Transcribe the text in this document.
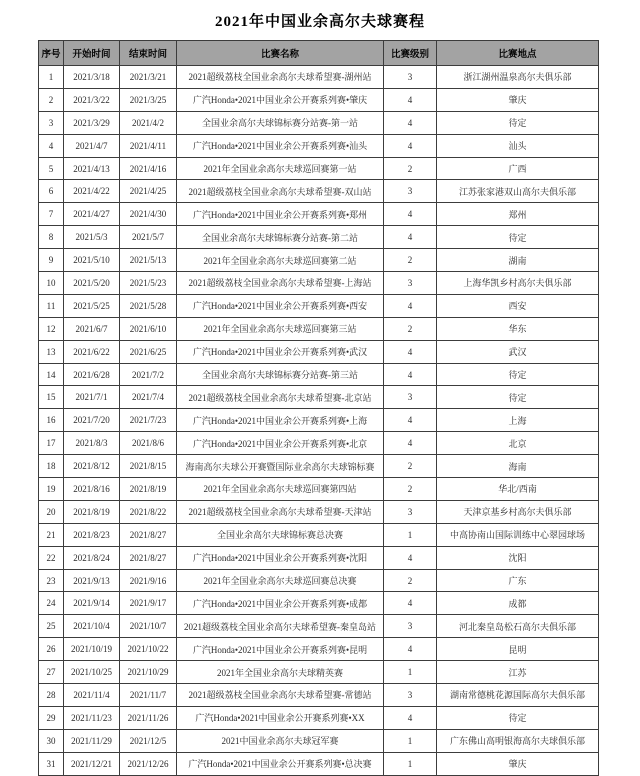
2021年中国业余高尔夫球赛程
序号	开始时间	结束时间	比赛名称	比赛级别	比赛地点
1	2021/3/18	2021/3/21	2021超级荔枝全国业余高尔夫球希望赛-湖州站	3	浙江湖州温泉高尔夫俱乐部
2	2021/3/22	2021/3/25	广汽Honda•2021中国业余公开赛系列赛•肇庆	4	肇庆
3	2021/3/29	2021/4/2	全国业余高尔夫球锦标赛分站赛-第一站	4	待定
4	2021/4/7	2021/4/11	广汽Honda•2021中国业余公开赛系列赛•汕头	4	汕头
5	2021/4/13	2021/4/16	2021年全国业余高尔夫球巡回赛第一站	2	广西
6	2021/4/22	2021/4/25	2021超级荔枝全国业余高尔夫球希望赛-双山站	3	江苏张家港双山高尔夫俱乐部
7	2021/4/27	2021/4/30	广汽Honda•2021中国业余公开赛系列赛•郑州	4	郑州
8	2021/5/3	2021/5/7	全国业余高尔夫球锦标赛分站赛-第二站	4	待定
9	2021/5/10	2021/5/13	2021年全国业余高尔夫球巡回赛第二站	2	湖南
10	2021/5/20	2021/5/23	2021超级荔枝全国业余高尔夫球希望赛-上海站	3	上海华凯乡村高尔夫俱乐部
11	2021/5/25	2021/5/28	广汽Honda•2021中国业余公开赛系列赛•西安	4	西安
12	2021/6/7	2021/6/10	2021年全国业余高尔夫球巡回赛第三站	2	华东
13	2021/6/22	2021/6/25	广汽Honda•2021中国业余公开赛系列赛•武汉	4	武汉
14	2021/6/28	2021/7/2	全国业余高尔夫球锦标赛分站赛-第三站	4	待定
15	2021/7/1	2021/7/4	2021超级荔枝全国业余高尔夫球希望赛-北京站	3	待定
16	2021/7/20	2021/7/23	广汽Honda•2021中国业余公开赛系列赛•上海	4	上海
17	2021/8/3	2021/8/6	广汽Honda•2021中国业余公开赛系列赛•北京	4	北京
18	2021/8/12	2021/8/15	海南高尔夫球公开赛暨国际业余高尔夫球锦标赛	2	海南
19	2021/8/16	2021/8/19	2021年全国业余高尔夫球巡回赛第四站	2	华北/西南
20	2021/8/19	2021/8/22	2021超级荔枝全国业余高尔夫球希望赛-天津站	3	天津京基乡村高尔夫俱乐部
21	2021/8/23	2021/8/27	全国业余高尔夫球锦标赛总决赛	1	中高协南山国际训练中心翠园球场
22	2021/8/24	2021/8/27	广汽Honda•2021中国业余公开赛系列赛•沈阳	4	沈阳
23	2021/9/13	2021/9/16	2021年全国业余高尔夫球巡回赛总决赛	2	广东
24	2021/9/14	2021/9/17	广汽Honda•2021中国业余公开赛系列赛•成都	4	成都
25	2021/10/4	2021/10/7	2021超级荔枝全国业余高尔夫球希望赛-秦皇岛站	3	河北秦皇岛松石高尔夫俱乐部
26	2021/10/19	2021/10/22	广汽Honda•2021中国业余公开赛系列赛•昆明	4	昆明
27	2021/10/25	2021/10/29	2021年全国业余高尔夫球精英赛	1	江苏
28	2021/11/4	2021/11/7	2021超级荔枝全国业余高尔夫球希望赛-常德站	3	湖南常德桃花源国际高尔夫俱乐部
29	2021/11/23	2021/11/26	广汽Honda•2021中国业余公开赛系列赛•XX	4	待定
30	2021/11/29	2021/12/5	2021中国业余高尔夫球冠军赛	1	广东佛山高明银海高尔夫球俱乐部
31	2021/12/21	2021/12/26	广汽Honda•2021中国业余公开赛系列赛•总决赛	1	肇庆
